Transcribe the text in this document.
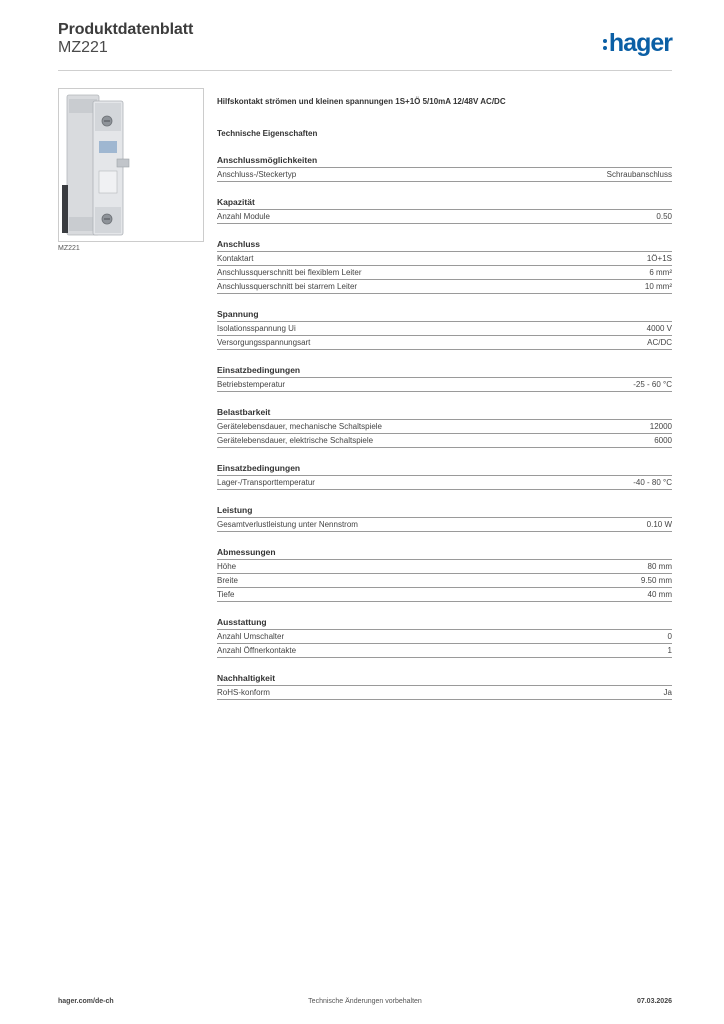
Produktdatenblatt
MZ221	hager
MZ221
Hilfskontakt strömen und kleinen spannungen 1S+1Ö 5/10mA 12/48V AC/DC
Technische Eigenschaften
Anschlussmöglichkeiten
Anschluss-/Steckertyp	Schraubanschluss
Kapazität
Anzahl Module	0.50
Anschluss
Kontaktart	1Ö+1S
Anschlussquerschnitt bei flexiblem Leiter	6 mm²
Anschlussquerschnitt bei starrem Leiter	10 mm²
Spannung
Isolationsspannung Ui	4000 V
Versorgungsspannungsart	AC/DC
Einsatzbedingungen
Betriebstemperatur	-25 - 60 °C
Belastbarkeit
Gerätelebensdauer, mechanische Schaltspiele	12000
Gerätelebensdauer, elektrische Schaltspiele	6000
Einsatzbedingungen
Lager-/Transporttemperatur	-40 - 80 °C
Leistung
Gesamtverlustleistung unter Nennstrom	0.10 W
Abmessungen
Höhe	80 mm
Breite	9.50 mm
Tiefe	40 mm
Ausstattung
Anzahl Umschalter	0
Anzahl Öffnerkontakte	1
Nachhaltigkeit
RoHS-konform	Ja
hager.com/de-ch	Technische Änderungen vorbehalten	07.03.2026
